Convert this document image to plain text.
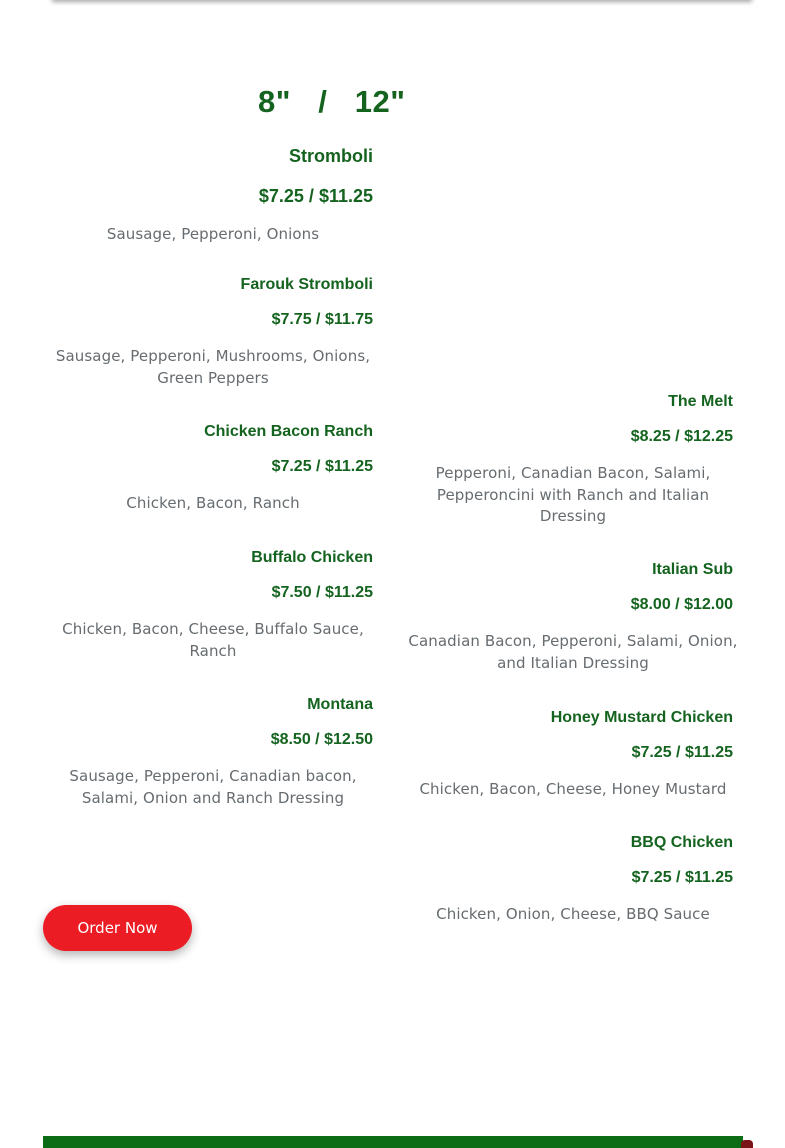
8"   /   12"
Stromboli
$7.25 / $11.25
Sausage, Pepperoni, Onions
Farouk Stromboli
$7.75 / $11.75
Sausage, Pepperoni, Mushrooms, Onions, Green Peppers
Chicken Bacon Ranch
$7.25 / $11.25
Chicken, Bacon, Ranch
Buffalo Chicken
$7.50 / $11.25
Chicken, Bacon, Cheese, Buffalo Sauce, Ranch
Montana
$8.50 / $12.50
Sausage, Pepperoni, Canadian bacon, Salami, Onion and Ranch Dressing
The Melt
$8.25 / $12.25
Pepperoni, Canadian Bacon, Salami, Pepperoncini with Ranch and Italian Dressing
Italian Sub
$8.00 / $12.00
Canadian Bacon, Pepperoni, Salami, Onion, and Italian Dressing
Honey Mustard Chicken
$7.25 / $11.25
Chicken, Bacon, Cheese, Honey Mustard
BBQ Chicken
$7.25 / $11.25
Chicken, Onion, Cheese, BBQ Sauce
Order Now
